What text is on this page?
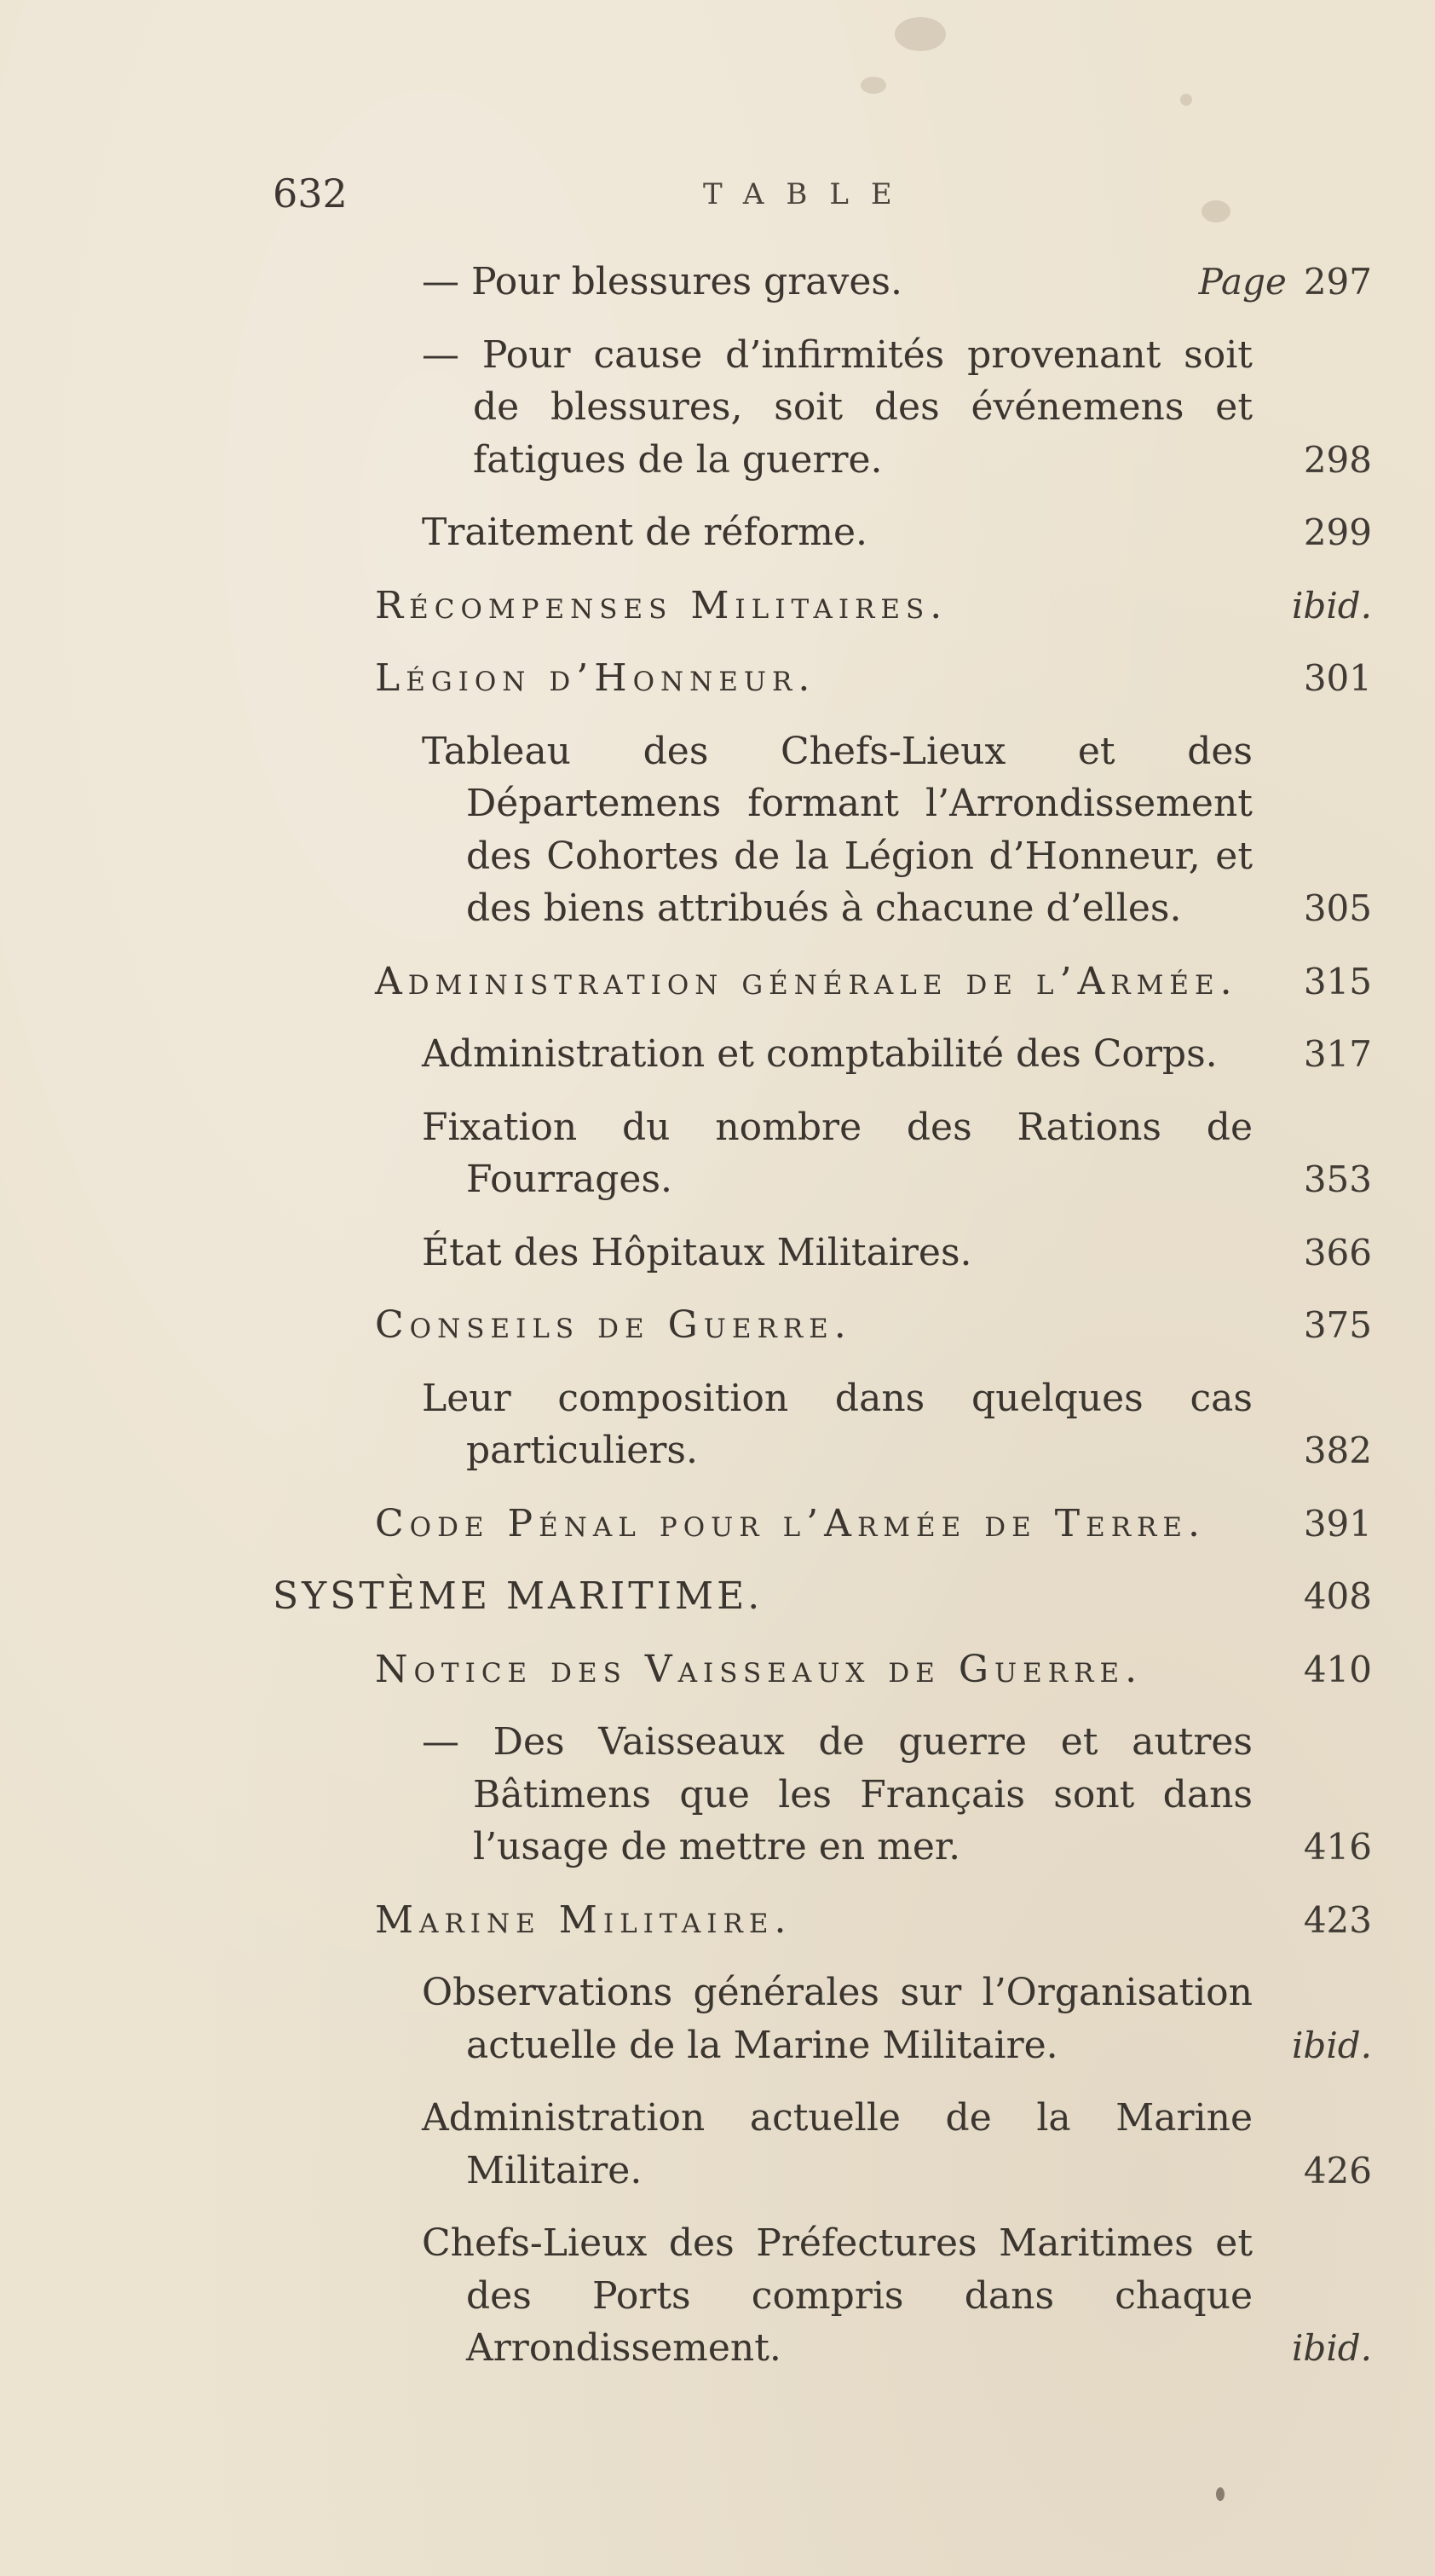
632	TABLE
— Pour blessures graves.	Page 297
— Pour cause d’infirmités provenant soit de blessures, soit des événemens et fatigues de la guerre.	298
Traitement de réforme.	299
Récompenses Militaires.	ibid.
Légion d’Honneur.	301
Tableau des Chefs-Lieux et des Départemens formant l’Arrondissement des Cohortes de la Légion d’Honneur, et des biens attribués à chacune d’elles.	305
Administration générale de l’Armée.	315
Administration et comptabilité des Corps.	317
Fixation du nombre des Rations de Fourrages.	353
État des Hôpitaux Militaires.	366
Conseils de Guerre.	375
Leur composition dans quelques cas particuliers.	382
Code Pénal pour l’Armée de Terre.	391
SYSTÈME MARITIME.	408
Notice des Vaisseaux de Guerre.	410
— Des Vaisseaux de guerre et autres Bâtimens que les Français sont dans l’usage de mettre en mer.	416
Marine Militaire.	423
Observations générales sur l’Organisation actuelle de la Marine Militaire.	ibid.
Administration actuelle de la Marine Militaire.	426
Chefs-Lieux des Préfectures Maritimes et des Ports compris dans chaque Arrondissement.	ibid.
